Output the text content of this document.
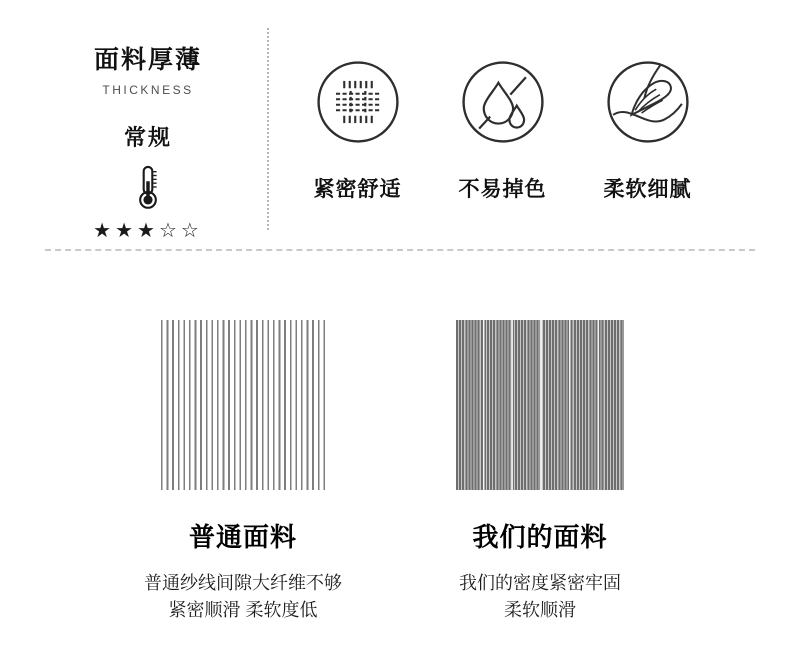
面料厚薄
THICKNESS
常规
★★★☆☆
紧密舒适	不易掉色	柔软细腻
普通面料
普通纱线间隙大纤维不够
紧密顺滑 柔软度低
我们的面料
我们的密度紧密牢固
柔软顺滑
